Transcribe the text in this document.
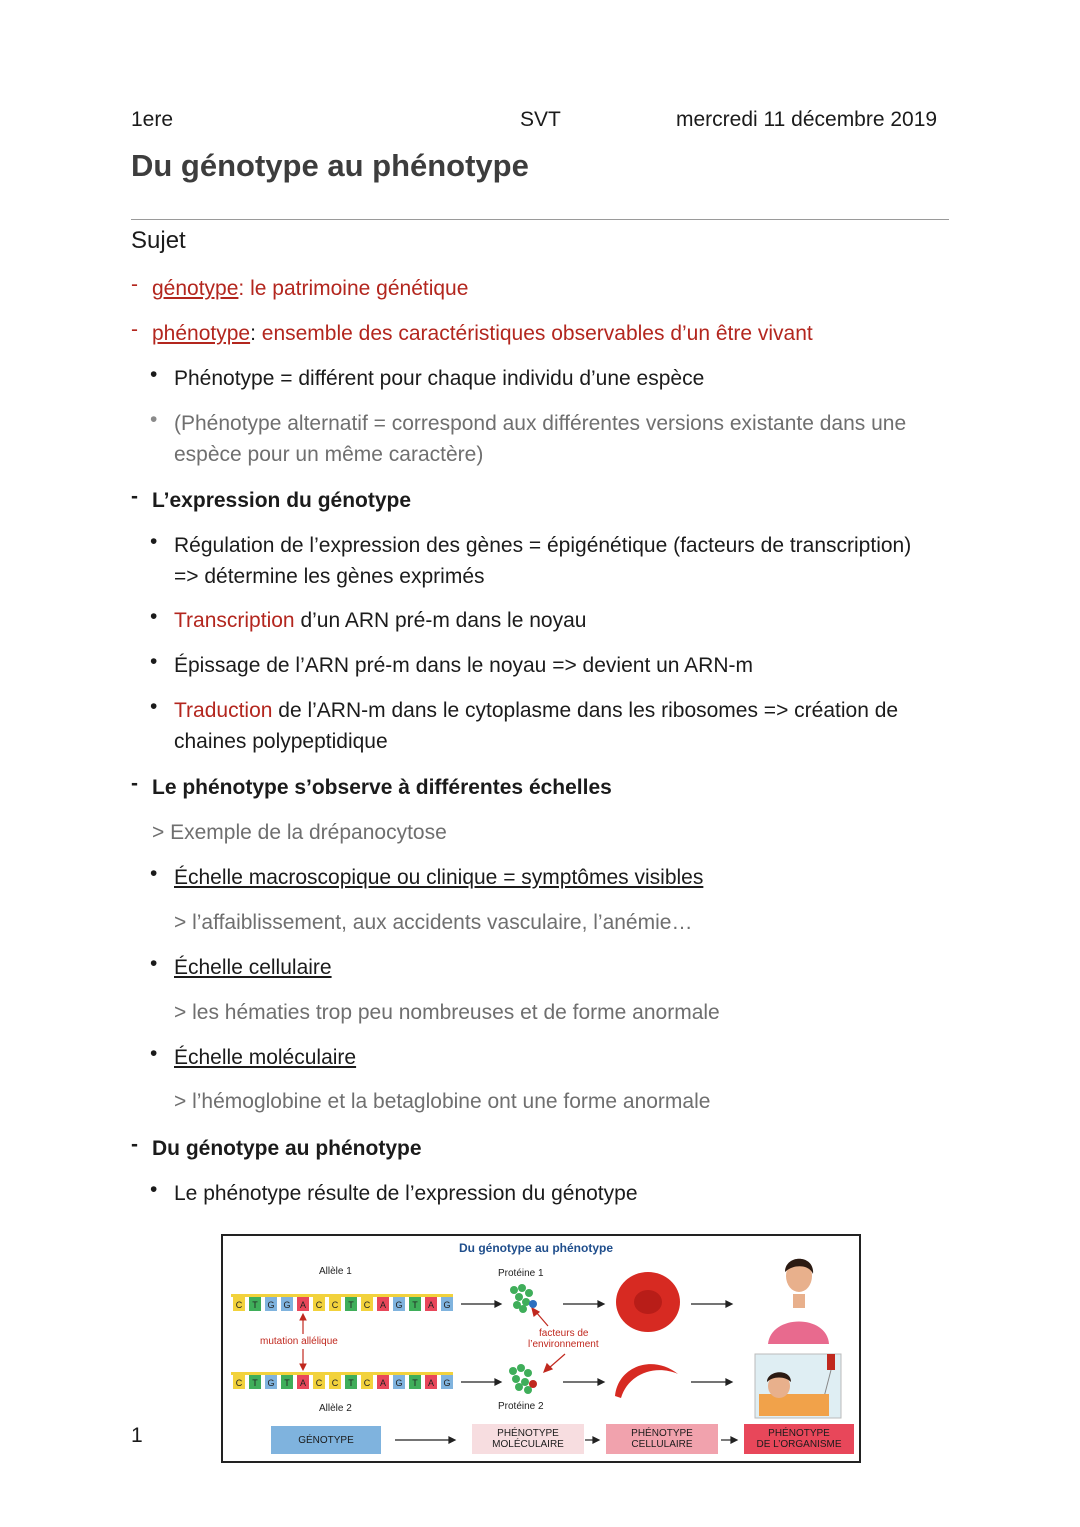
1ere	SVT	mercredi 11 décembre 2019
Du génotype au phénotype
Sujet
- génotype: le patrimoine génétique
- phénotype: ensemble des caractéristiques observables d’un être vivant
• Phénotype = différent pour chaque individu d’une espèce
• (Phénotype alternatif = correspond aux différentes versions existante dans une
espèce pour un même caractère)
- L’expression du génotype
• Régulation de l’expression des gènes = épigénétique (facteurs de transcription)
=> détermine les gènes exprimés
• Transcription d’un ARN pré-m dans le noyau
• Épissage de l’ARN pré-m dans le noyau => devient un ARN-m
• Traduction de l’ARN-m dans le cytoplasme dans les ribosomes => création de
chaines polypeptidique
- Le phénotype s’observe à différentes échelles
> Exemple de la drépanocytose
• Échelle macroscopique ou clinique = symptômes visibles
> l’affaiblissement, aux accidents vasculaire, l’anémie…
• Échelle cellulaire
> les hématies trop peu nombreuses et de forme anormale
• Échelle moléculaire
> l’hémoglobine et la betaglobine ont une forme anormale
- Du génotype au phénotype
• Le phénotype résulte de l’expression du génotype
1
Du génotype au phénotype
Allèle 1
Allèle 2
mutation allélique
Protéine 1
Protéine 2
facteurs de
l’environnement
C T G G A C C T C A G T A G
C T G T A C C T C A G T A G
GÉNOTYPE
PHÉNOTYPE
MOLÉCULAIRE
PHÉNOTYPE
CELLULAIRE
PHÉNOTYPE
DE L’ORGANISME
